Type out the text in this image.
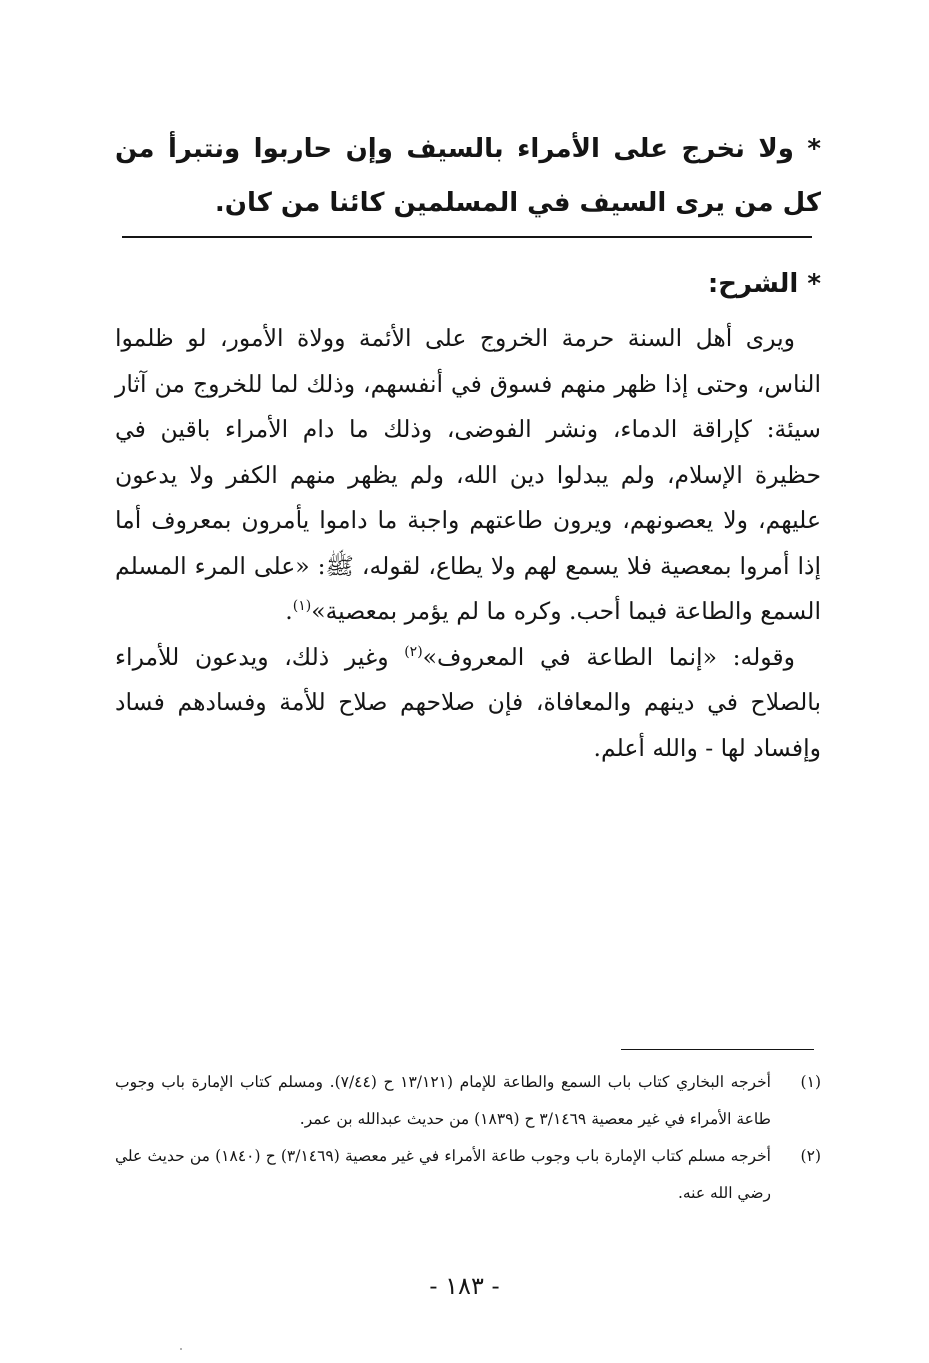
* ولا نخرج على الأمراء بالسيف وإن حاربوا ونتبرأ من كل من يرى السيف في المسلمين كائنا من كان.
* الشرح:

ويرى أهل السنة حرمة الخروج على الأئمة وولاة الأمور، لو ظلموا الناس، وحتى إذا ظهر منهم فسوق في أنفسهم، وذلك لما للخروج من آثار سيئة: كإراقة الدماء، ونشر الفوضى، وذلك ما دام الأمراء باقين في حظيرة الإسلام، ولم يبدلوا دين الله، ولم يظهر منهم الكفر ولا يدعون عليهم، ولا يعصونهم، ويرون طاعتهم واجبة ما داموا يأمرون بمعروف أما إذا أمروا بمعصية فلا يسمع لهم ولا يطاع، لقوله، ﷺ: «على المرء المسلم السمع والطاعة فيما أحب. وكره ما لم يؤمر بمعصية»$^{(١)}$.

وقوله: «إنما الطاعة في المعروف»$^{(٢)}$ وغير ذلك، ويدعون للأمراء بالصلاح في دينهم والمعافاة، فإن صلاحهم صلاح للأمة وفسادهم فساد وإفساد لها - والله أعلم.

(١)
أخرجه البخاري كتاب باب السمع والطاعة للإمام (١٣/١٢١ ح (٧/٤٤). ومسلم كتاب الإمارة باب وجوب طاعة الأمراء في غير معصية ٣/١٤٦٩ ح (١٨٣٩) من حديث عبدالله بن عمر.
(٢)
أخرجه مسلم كتاب الإمارة باب وجوب طاعة الأمراء في غير معصية (٣/١٤٦٩) ح (١٨٤٠) من حديث علي رضي الله عنه.
- ١٨٣ -
